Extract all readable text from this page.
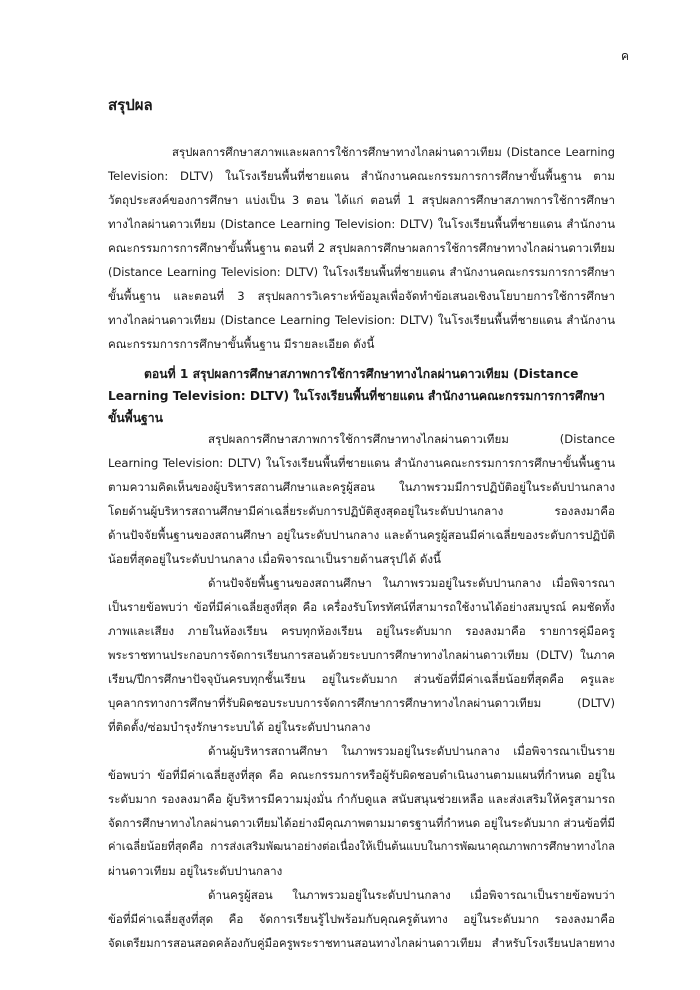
ค
สรุปผล
สรุปผลการศึกษาสภาพและผลการใช้การศึกษาทางไกลผ่านดาวเทียม (Distance Learning
Television: DLTV) ในโรงเรียนพื้นที่ชายแดน สำนักงานคณะกรรมการการศึกษาขั้นพื้นฐาน ตาม
วัตถุประสงค์ของการศึกษา แบ่งเป็น 3 ตอน ได้แก่ ตอนที่ 1 สรุปผลการศึกษาสภาพการใช้การศึกษา
ทางไกลผ่านดาวเทียม (Distance Learning Television: DLTV) ในโรงเรียนพื้นที่ชายแดน สำนักงาน
คณะกรรมการการศึกษาขั้นพื้นฐาน ตอนที่ 2 สรุปผลการศึกษาผลการใช้การศึกษาทางไกลผ่านดาวเทียม
(Distance Learning Television: DLTV) ในโรงเรียนพื้นที่ชายแดน สำนักงานคณะกรรมการการศึกษา
ขั้นพื้นฐาน และตอนที่ 3 สรุปผลการวิเคราะห์ข้อมูลเพื่อจัดทำข้อเสนอเชิงนโยบายการใช้การศึกษา
ทางไกลผ่านดาวเทียม (Distance Learning Television: DLTV) ในโรงเรียนพื้นที่ชายแดน สำนักงาน
คณะกรรมการการศึกษาขั้นพื้นฐาน มีรายละเอียด ดังนี้
ตอนที่ 1 สรุปผลการศึกษาสภาพการใช้การศึกษาทางไกลผ่านดาวเทียม (Distance
Learning Television: DLTV) ในโรงเรียนพื้นที่ชายแดน สำนักงานคณะกรรมการการศึกษา
ขั้นพื้นฐาน
สรุปผลการศึกษาสภาพการใช้การศึกษาทางไกลผ่านดาวเทียม (Distance
Learning Television: DLTV) ในโรงเรียนพื้นที่ชายแดน สำนักงานคณะกรรมการการศึกษาขั้นพื้นฐาน
ตามความคิดเห็นของผู้บริหารสถานศึกษาและครูผู้สอน ในภาพรวมมีการปฏิบัติอยู่ในระดับปานกลาง
โดยด้านผู้บริหารสถานศึกษามีค่าเฉลี่ยระดับการปฏิบัติสูงสุดอยู่ในระดับปานกลาง รองลงมาคือ
ด้านปัจจัยพื้นฐานของสถานศึกษา อยู่ในระดับปานกลาง และด้านครูผู้สอนมีค่าเฉลี่ยของระดับการปฏิบัติ
น้อยที่สุดอยู่ในระดับปานกลาง เมื่อพิจารณาเป็นรายด้านสรุปได้ ดังนี้
ด้านปัจจัยพื้นฐานของสถานศึกษา ในภาพรวมอยู่ในระดับปานกลาง เมื่อพิจารณา
เป็นรายข้อพบว่า ข้อที่มีค่าเฉลี่ยสูงที่สุด คือ เครื่องรับโทรทัศน์ที่สามารถใช้งานได้อย่างสมบูรณ์ คมชัดทั้ง
ภาพและเสียง ภายในห้องเรียน ครบทุกห้องเรียน อยู่ในระดับมาก รองลงมาคือ รายการคู่มือครู
พระราชทานประกอบการจัดการเรียนการสอนด้วยระบบการศึกษาทางไกลผ่านดาวเทียม (DLTV) ในภาค
เรียน/ปีการศึกษาปัจจุบันครบทุกชั้นเรียน อยู่ในระดับมาก ส่วนข้อที่มีค่าเฉลี่ยน้อยที่สุดคือ ครูและ
บุคลากรทางการศึกษาที่รับผิดชอบระบบการจัดการศึกษาการศึกษาทางไกลผ่านดาวเทียม (DLTV)
ที่ติดตั้ง/ซ่อมบำรุงรักษาระบบได้ อยู่ในระดับปานกลาง
ด้านผู้บริหารสถานศึกษา ในภาพรวมอยู่ในระดับปานกลาง เมื่อพิจารณาเป็นราย
ข้อพบว่า ข้อที่มีค่าเฉลี่ยสูงที่สุด คือ คณะกรรมการหรือผู้รับผิดชอบดำเนินงานตามแผนที่กำหนด อยู่ใน
ระดับมาก รองลงมาคือ ผู้บริหารมีความมุ่งมั่น กำกับดูแล สนับสนุนช่วยเหลือ และส่งเสริมให้ครูสามารถ
จัดการศึกษาทางไกลผ่านดาวเทียมได้อย่างมีคุณภาพตามมาตรฐานที่กำหนด อยู่ในระดับมาก ส่วนข้อที่มี
ค่าเฉลี่ยน้อยที่สุดคือ การส่งเสริมพัฒนาอย่างต่อเนื่องให้เป็นต้นแบบในการพัฒนาคุณภาพการศึกษาทางไกล
ผ่านดาวเทียม อยู่ในระดับปานกลาง
ด้านครูผู้สอน ในภาพรวมอยู่ในระดับปานกลาง เมื่อพิจารณาเป็นรายข้อพบว่า
ข้อที่มีค่าเฉลี่ยสูงที่สุด คือ จัดการเรียนรู้ไปพร้อมกับคุณครูต้นทาง อยู่ในระดับมาก รองลงมาคือ
จัดเตรียมการสอนสอดคล้องกับคู่มือครูพระราชทานสอนทางไกลผ่านดาวเทียม สำหรับโรงเรียนปลายทาง
